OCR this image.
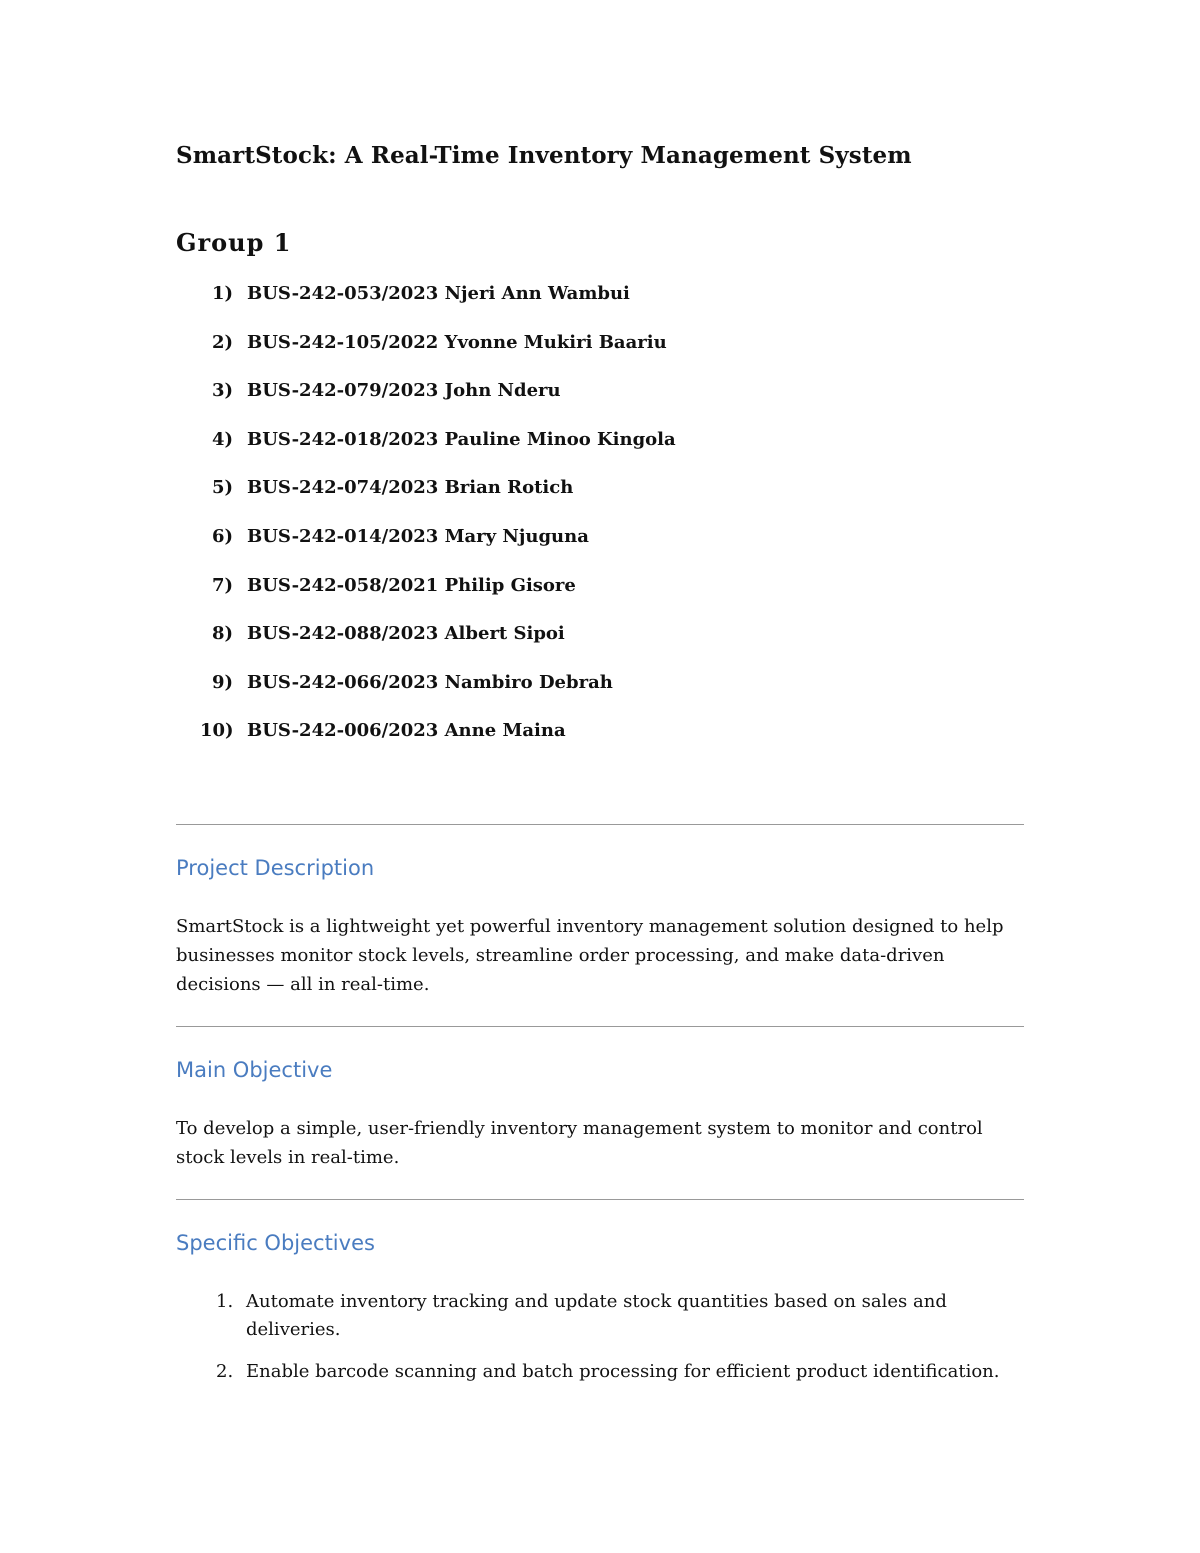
SmartStock: A Real-Time Inventory Management System
Group 1
1) BUS-242-053/2023 Njeri Ann Wambui
2) BUS-242-105/2022 Yvonne Mukiri Baariu
3) BUS-242-079/2023 John Nderu
4) BUS-242-018/2023 Pauline Minoo Kingola
5) BUS-242-074/2023 Brian Rotich
6) BUS-242-014/2023 Mary Njuguna
7) BUS-242-058/2021 Philip Gisore
8) BUS-242-088/2023 Albert Sipoi
9) BUS-242-066/2023 Nambiro Debrah
10) BUS-242-006/2023 Anne Maina
Project Description
SmartStock is a lightweight yet powerful inventory management solution designed to help businesses monitor stock levels, streamline order processing, and make data-driven decisions — all in real-time.
Main Objective
To develop a simple, user-friendly inventory management system to monitor and control stock levels in real-time.
Specific Objectives
1. Automate inventory tracking and update stock quantities based on sales and deliveries.
2. Enable barcode scanning and batch processing for efficient product identification.
